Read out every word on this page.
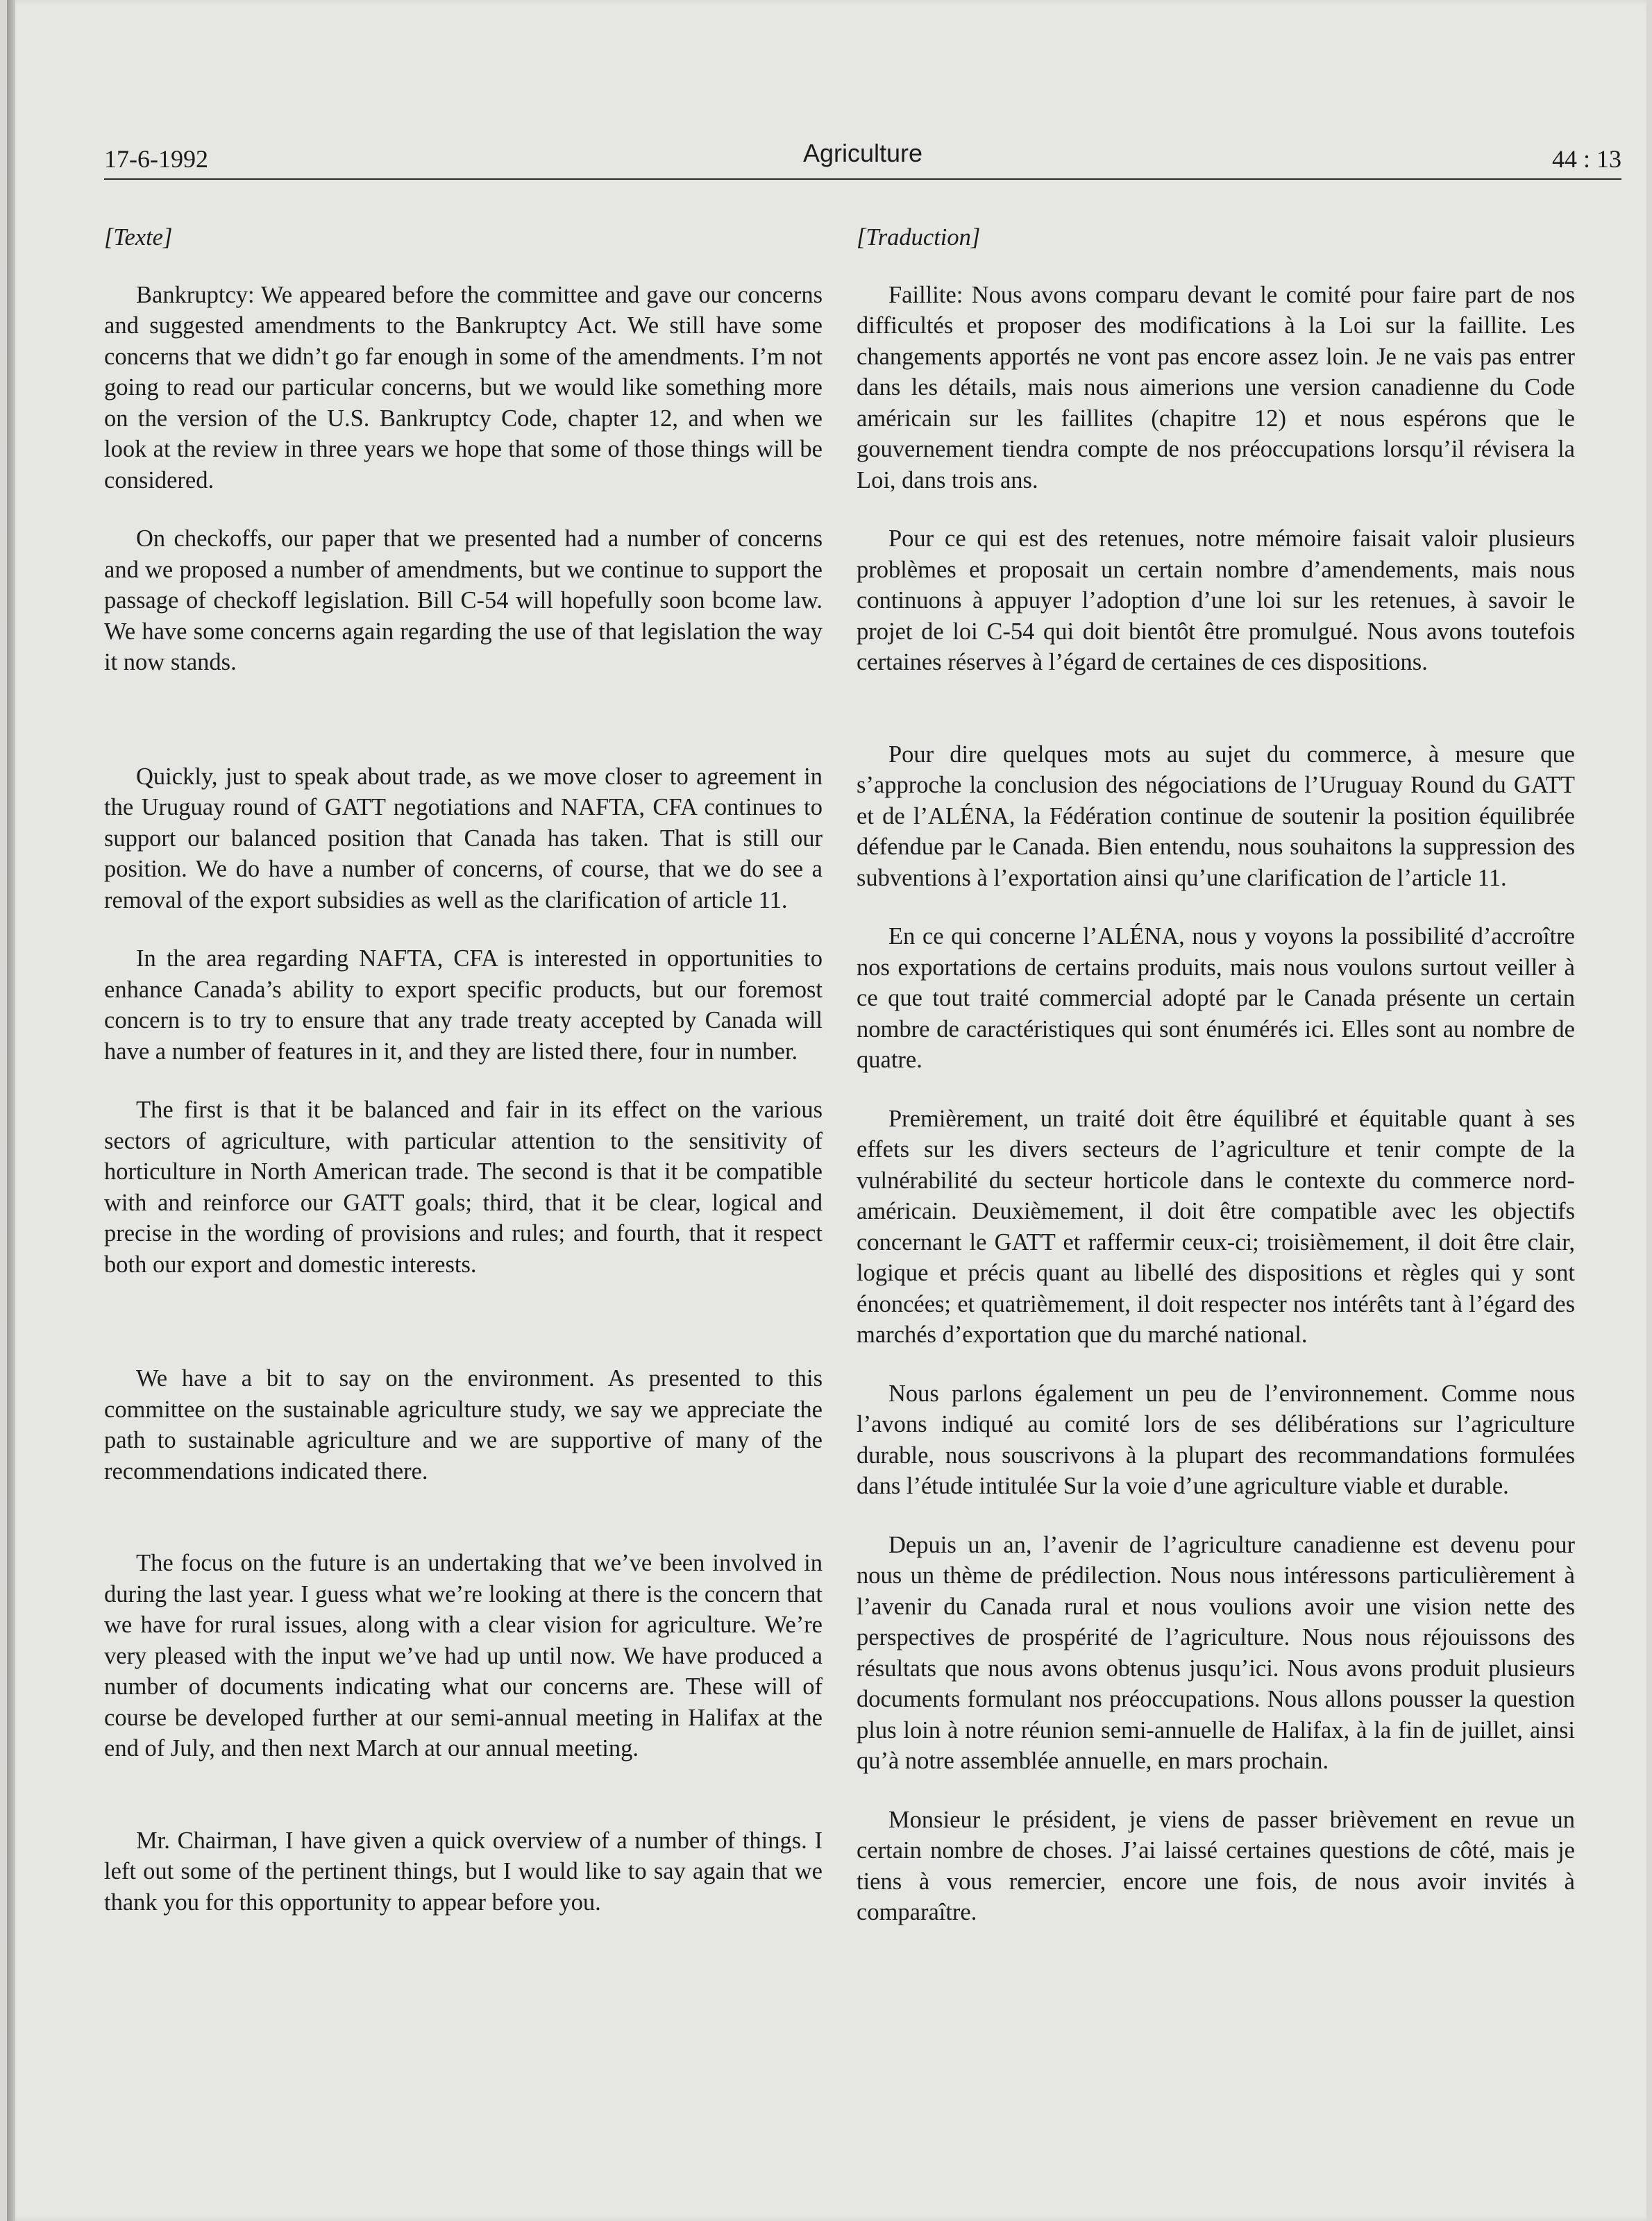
17-6-1992	Agriculture	44 : 13
[Texte]

Bankruptcy: We appeared before the committee and gave our concerns and suggested amendments to the Bankruptcy Act. We still have some concerns that we didn’t go far enough in some of the amendments. I’m not going to read our particular concerns, but we would like something more on the version of the U.S. Bankruptcy Code, chapter 12, and when we look at the review in three years we hope that some of those things will be considered.

On checkoffs, our paper that we presented had a number of concerns and we proposed a number of amendments, but we continue to support the passage of checkoff legislation. Bill C-54 will hopefully soon bcome law. We have some concerns again regarding the use of that legislation the way it now stands.

Quickly, just to speak about trade, as we move closer to agreement in the Uruguay round of GATT negotiations and NAFTA, CFA continues to support our balanced position that Canada has taken. That is still our position. We do have a number of concerns, of course, that we do see a removal of the export subsidies as well as the clarification of article 11.

In the area regarding NAFTA, CFA is interested in opportunities to enhance Canada’s ability to export specific products, but our foremost concern is to try to ensure that any trade treaty accepted by Canada will have a number of features in it, and they are listed there, four in number.

The first is that it be balanced and fair in its effect on the various sectors of agriculture, with particular attention to the sensitivity of horticulture in North American trade. The second is that it be compatible with and reinforce our GATT goals; third, that it be clear, logical and precise in the wording of provisions and rules; and fourth, that it respect both our export and domestic interests.

We have a bit to say on the environment. As presented to this committee on the sustainable agriculture study, we say we appreciate the path to sustainable agriculture and we are supportive of many of the recommendations indicated there.

The focus on the future is an undertaking that we’ve been involved in during the last year. I guess what we’re looking at there is the concern that we have for rural issues, along with a clear vision for agriculture. We’re very pleased with the input we’ve had up until now. We have produced a number of documents indicating what our concerns are. These will of course be developed further at our semi-annual meeting in Halifax at the end of July, and then next March at our annual meeting.

Mr. Chairman, I have given a quick overview of a number of things. I left out some of the pertinent things, but I would like to say again that we thank you for this opportunity to appear before you.

[Traduction]

Faillite: Nous avons comparu devant le comité pour faire part de nos difficultés et proposer des modifications à la Loi sur la faillite. Les changements apportés ne vont pas encore assez loin. Je ne vais pas entrer dans les détails, mais nous aimerions une version canadienne du Code américain sur les faillites (chapitre 12) et nous espérons que le gouvernement tiendra compte de nos préoccupations lorsqu’il révisera la Loi, dans trois ans.

Pour ce qui est des retenues, notre mémoire faisait valoir plusieurs problèmes et proposait un certain nombre d’amendements, mais nous continuons à appuyer l’adoption d’une loi sur les retenues, à savoir le projet de loi C-54 qui doit bientôt être promulgué. Nous avons toutefois certaines réserves à l’égard de certaines de ces dispositions.

Pour dire quelques mots au sujet du commerce, à mesure que s’approche la conclusion des négociations de l’Uruguay Round du GATT et de l’ALÉNA, la Fédération continue de soutenir la position équilibrée défendue par le Canada. Bien entendu, nous souhaitons la suppression des subventions à l’exportation ainsi qu’une clarification de l’article 11.

En ce qui concerne l’ALÉNA, nous y voyons la possibilité d’accroître nos exportations de certains produits, mais nous voulons surtout veiller à ce que tout traité commercial adopté par le Canada présente un certain nombre de caractéristiques qui sont énumérés ici. Elles sont au nombre de quatre.

Premièrement, un traité doit être équilibré et équitable quant à ses effets sur les divers secteurs de l’agriculture et tenir compte de la vulnérabilité du secteur horticole dans le contexte du commerce nord-américain. Deuxièmement, il doit être compatible avec les objectifs concernant le GATT et raffermir ceux-ci; troisièmement, il doit être clair, logique et précis quant au libellé des dispositions et règles qui y sont énoncées; et quatrièmement, il doit respecter nos intérêts tant à l’égard des marchés d’exportation que du marché national.

Nous parlons également un peu de l’environnement. Comme nous l’avons indiqué au comité lors de ses délibérations sur l’agriculture durable, nous souscrivons à la plupart des recommandations formulées dans l’étude intitulée Sur la voie d’une agriculture viable et durable.

Depuis un an, l’avenir de l’agriculture canadienne est devenu pour nous un thème de prédilection. Nous nous intéressons particulièrement à l’avenir du Canada rural et nous voulions avoir une vision nette des perspectives de prospérité de l’agriculture. Nous nous réjouissons des résultats que nous avons obtenus jusqu’ici. Nous avons produit plusieurs documents formulant nos préoccupations. Nous allons pousser la question plus loin à notre réunion semi-annuelle de Halifax, à la fin de juillet, ainsi qu’à notre assemblée annuelle, en mars prochain.

Monsieur le président, je viens de passer brièvement en revue un certain nombre de choses. J’ai laissé certaines questions de côté, mais je tiens à vous remercier, encore une fois, de nous avoir invités à comparaître.
